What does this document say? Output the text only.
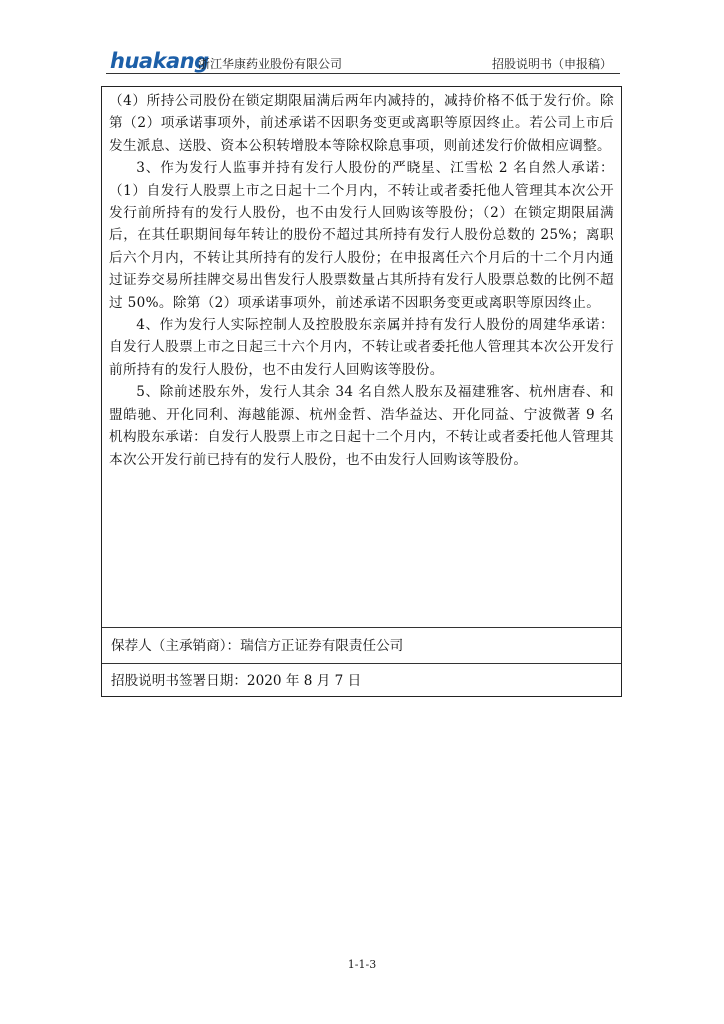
huakang
浙江华康药业股份有限公司	招股说明书（申报稿）

（4）所持公司股份在锁定期限届满后两年内减持的，减持价格不低于发行价。除第（2）项承诺事项外，前述承诺不因职务变更或离职等原因终止。若公司上市后发生派息、送股、资本公积转增股本等除权除息事项，则前述发行价做相应调整。

3、作为发行人监事并持有发行人股份的严晓星、江雪松 2 名自然人承诺：（1）自发行人股票上市之日起十二个月内，不转让或者委托他人管理其本次公开发行前所持有的发行人股份，也不由发行人回购该等股份；（2）在锁定期限届满后，在其任职期间每年转让的股份不超过其所持有发行人股份总数的 25%；离职后六个月内，不转让其所持有的发行人股份；在申报离任六个月后的十二个月内通过证券交易所挂牌交易出售发行人股票数量占其所持有发行人股票总数的比例不超过 50%。除第（2）项承诺事项外，前述承诺不因职务变更或离职等原因终止。

4、作为发行人实际控制人及控股股东亲属并持有发行人股份的周建华承诺：自发行人股票上市之日起三十六个月内，不转让或者委托他人管理其本次公开发行前所持有的发行人股份，也不由发行人回购该等股份。

5、除前述股东外，发行人其余 34 名自然人股东及福建雅客、杭州唐春、和盟皓驰、开化同利、海越能源、杭州金哲、浩华益达、开化同益、宁波微著 9 名机构股东承诺：自发行人股票上市之日起十二个月内，不转让或者委托他人管理其本次公开发行前已持有的发行人股份，也不由发行人回购该等股份。

保荐人（主承销商）：瑞信方正证券有限责任公司
招股说明书签署日期：2020 年 8 月 7 日
1-1-3
